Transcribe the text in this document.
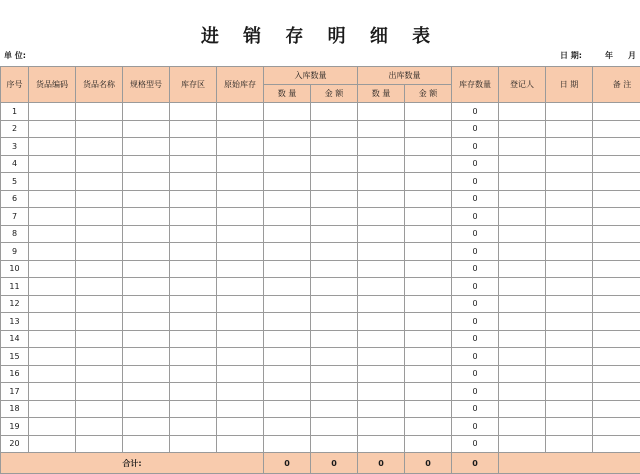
进 销 存 明 细 表
单 位:	日 期:	年 月
序号	货品编码	货品名称	规格型号	库存区	原始库存	入库数量		出库数量		库存数量	登记人	日 期	备 注
						数 量	金 额	数 量	金 额				
1										0			
2										0			
3										0			
4										0			
5										0			
6										0			
7										0			
8										0			
9										0			
10										0			
11										0			
12										0			
13										0			
14										0			
15										0			
16										0			
17										0			
18										0			
19										0			
20										0			
合计:						0	0	0	0	0			
